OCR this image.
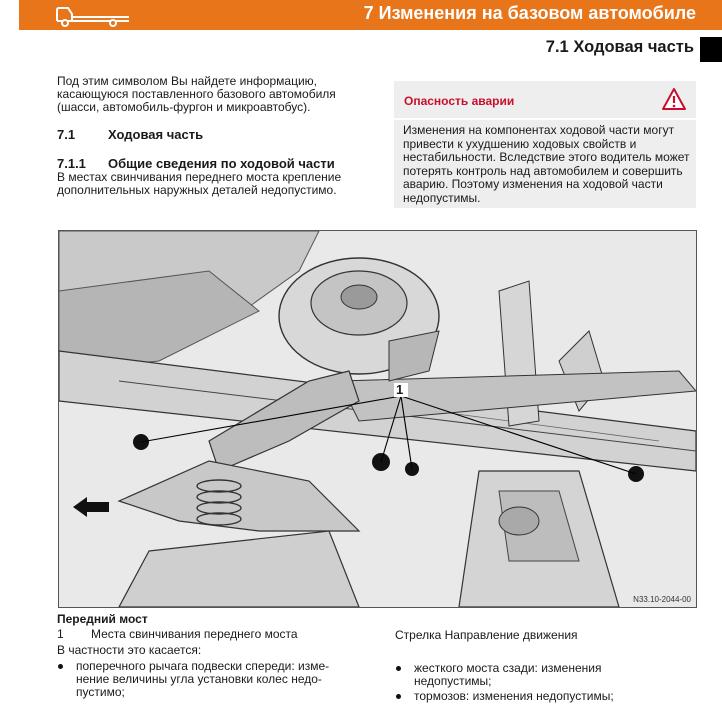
7 Изменения на базовом автомобиле
7.1 Ходовая часть
Под этим символом Вы найдете информацию, касающуюся поставленного базового автомобиля (шасси, автомобиль-фургон и микроавтобус).
7.1	Ходовая часть
7.1.1 Общие сведения по ходовой части
В местах свинчивания переднего моста крепление дополнительных наружных деталей недопустимо.
Опасность аварии
Изменения на компонентах ходовой части могут привести к ухудшению ходовых свойств и нестабильности. Вследствие этого водитель может потерять контроль над автомобилем и совершить аварию. Поэтому изменения на ходовой части недопустимы.
1
N33.10-2044-00
Передний мост
1 Места свинчивания переднего моста	Стрелка Направление движения
В частности это касается:
поперечного рычага подвески спереди: изме-
нение величины угла установки колес недо-
пустимо;
жесткого моста сзади: изменения
недопустимы;
тормозов: изменения недопустимы;
